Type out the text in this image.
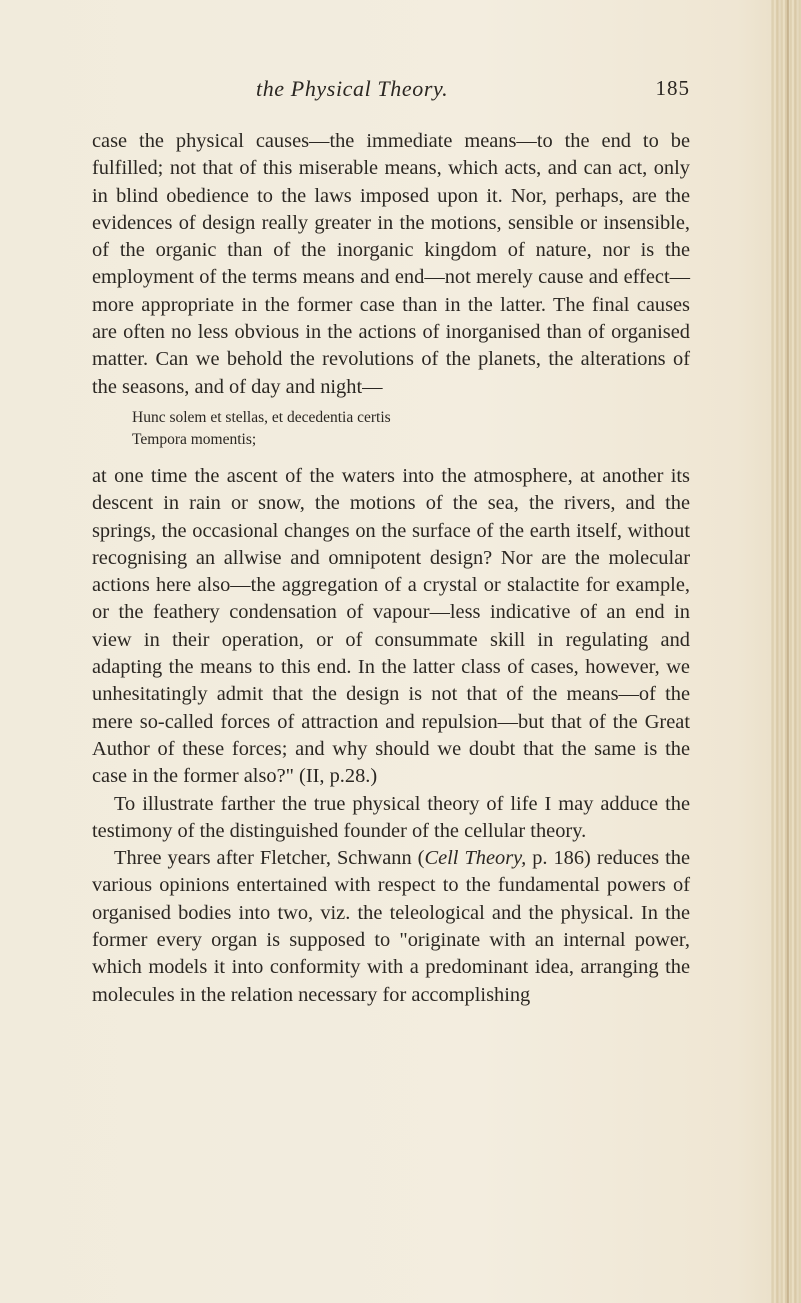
the Physical Theory.	185

case the physical causes—the immediate means—to the end to be fulfilled; not that of this miserable means, which acts, and can act, only in blind obedience to the laws imposed upon it. Nor, perhaps, are the evidences of design really greater in the motions, sensible or insensible, of the organic than of the inorganic kingdom of nature, nor is the employment of the terms means and end—not merely cause and effect—more appropriate in the former case than in the latter. The final causes are often no less obvious in the actions of inorganised than of organised matter. Can we behold the revolutions of the planets, the alterations of the seasons, and of day and night—

Hunc solem et stellas, et decedentia certis
Tempora momentis;

at one time the ascent of the waters into the atmosphere, at another its descent in rain or snow, the motions of the sea, the rivers, and the springs, the occasional changes on the surface of the earth itself, without recognising an allwise and omnipotent design? Nor are the molecular actions here also—the aggregation of a crystal or stalactite for example, or the feathery condensation of vapour—less indicative of an end in view in their operation, or of consummate skill in regulating and adapting the means to this end. In the latter class of cases, however, we unhesitatingly admit that the design is not that of the means—of the mere so-called forces of attraction and repulsion—but that of the Great Author of these forces; and why should we doubt that the same is the case in the former also?" (II, p.28.)

To illustrate farther the true physical theory of life I may adduce the testimony of the distinguished founder of the cellular theory.

Three years after Fletcher, Schwann (Cell Theory, p. 186) reduces the various opinions entertained with respect to the fundamental powers of organised bodies into two, viz. the teleological and the physical. In the former every organ is supposed to "originate with an internal power, which models it into conformity with a predominant idea, arranging the molecules in the relation necessary for accomplishing
